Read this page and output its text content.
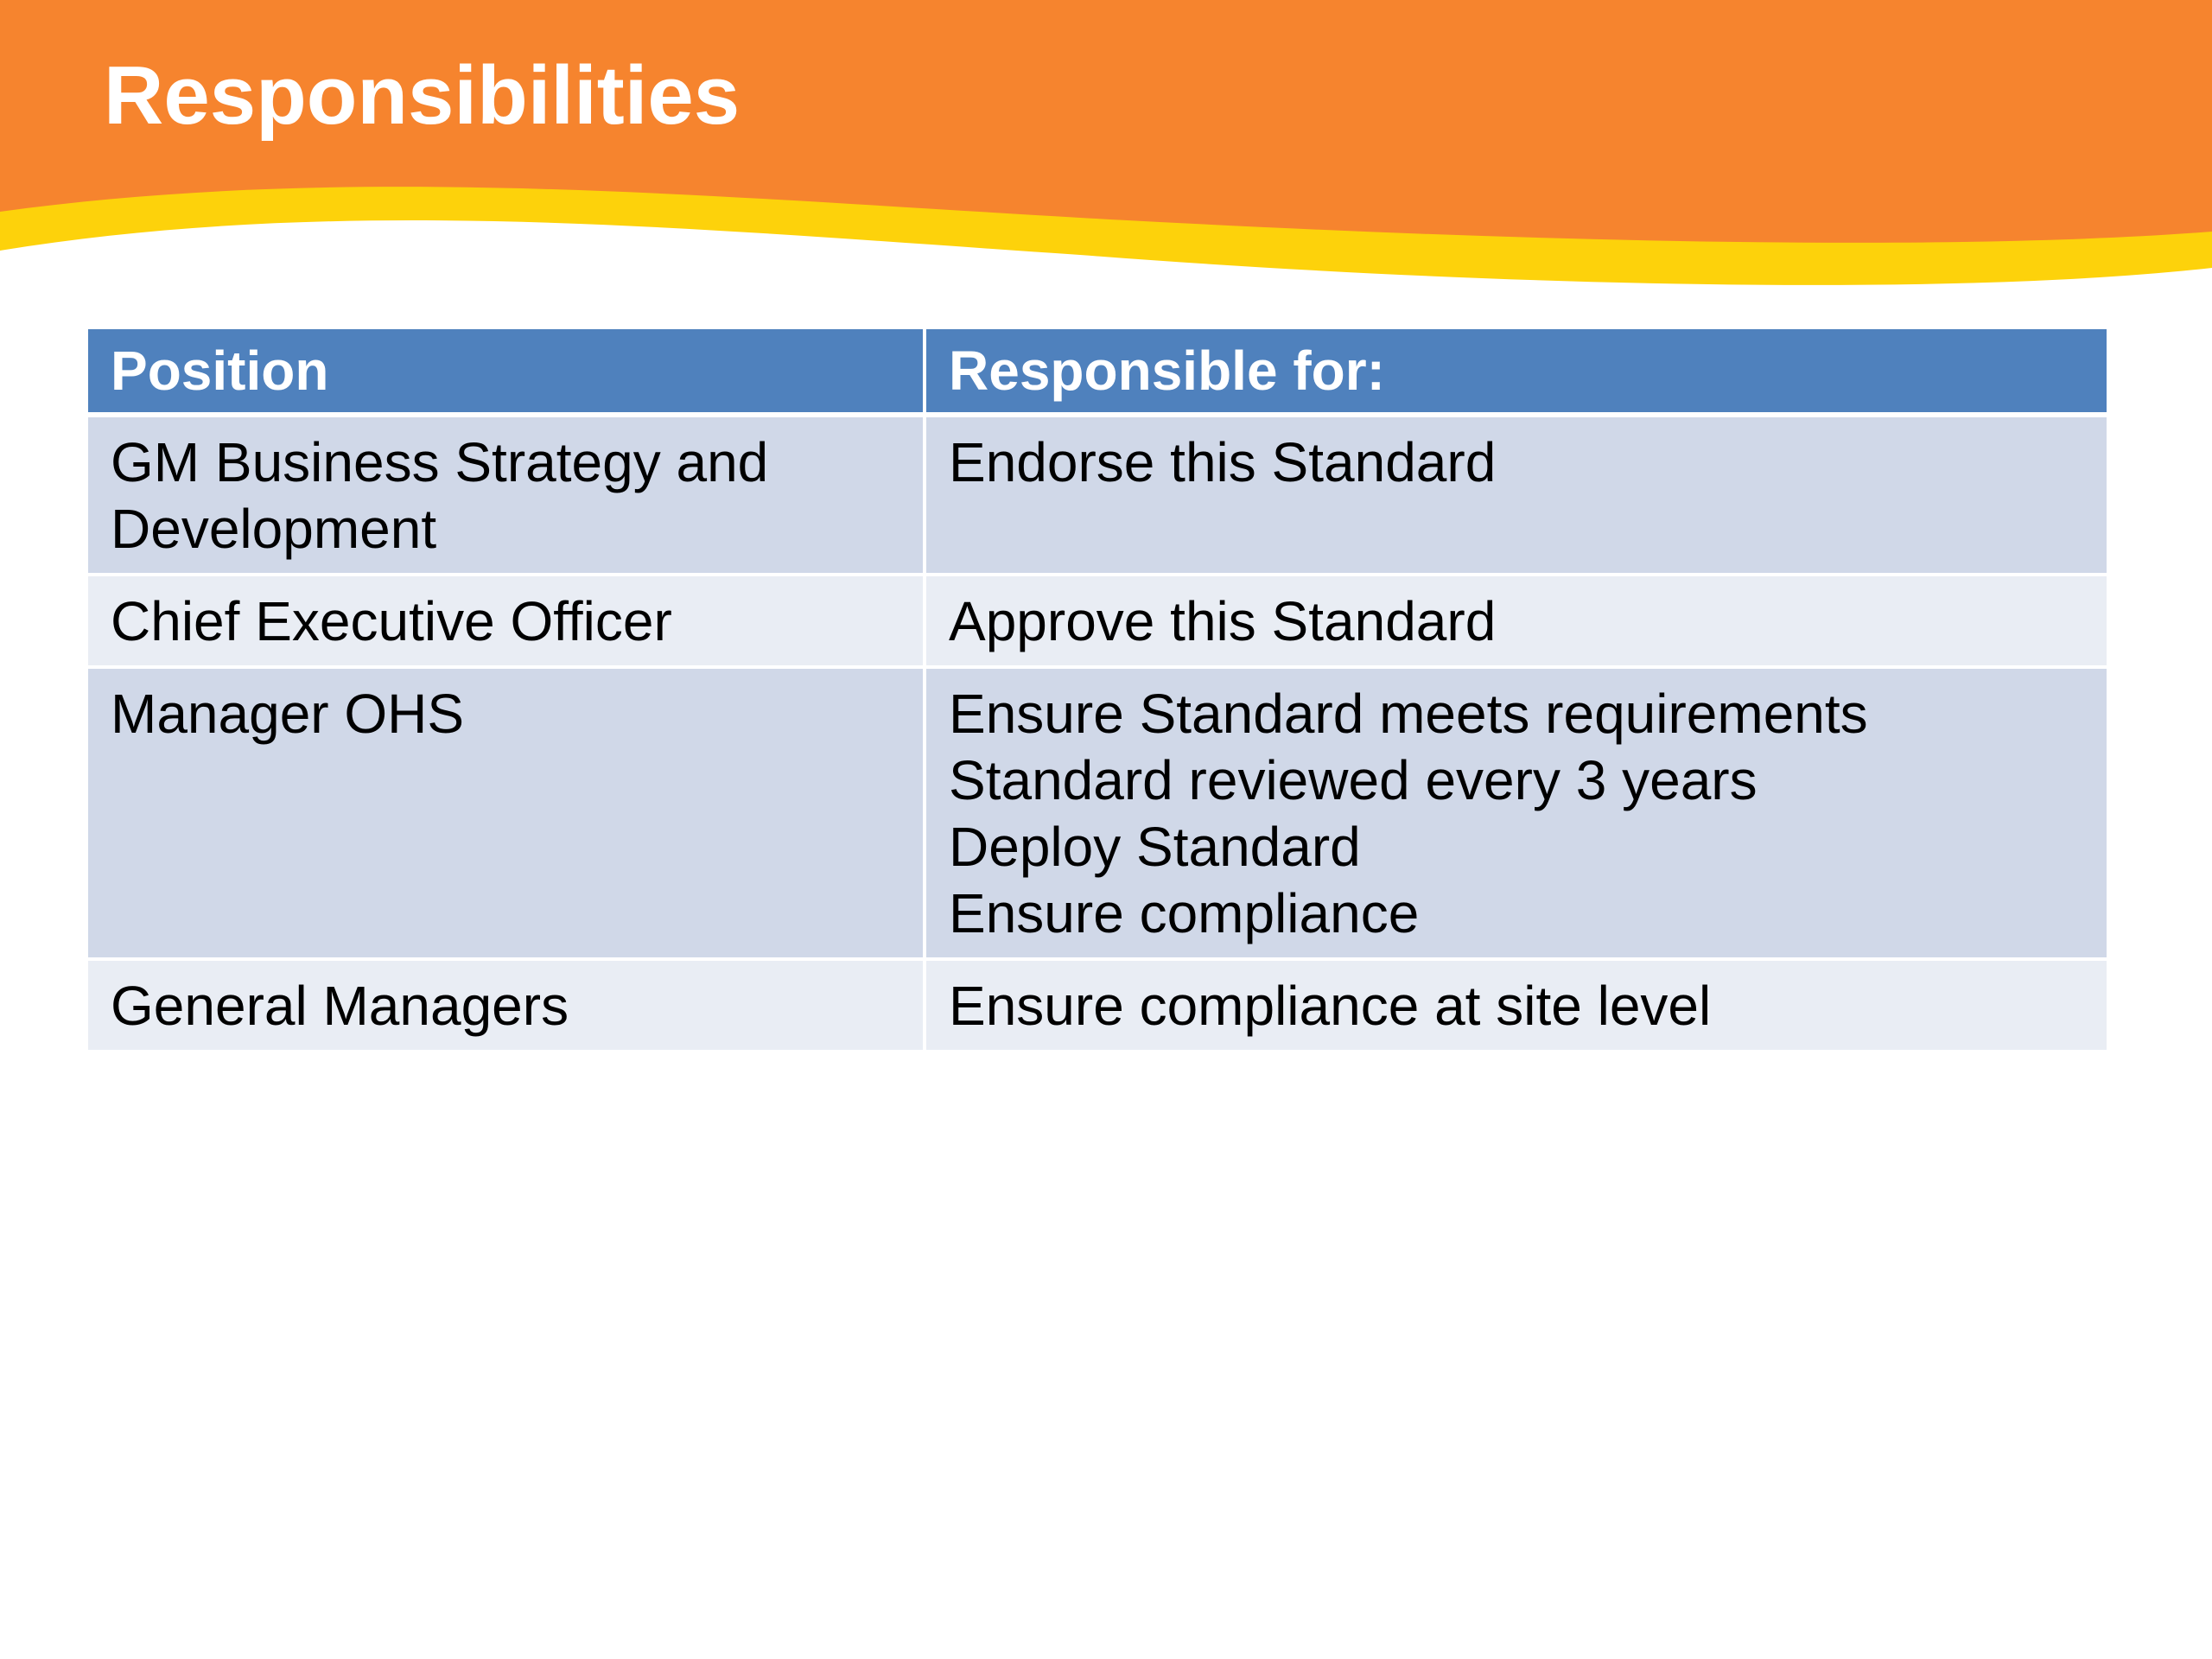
Responsibilities
Position	Responsible for:

GM Business Strategy and
Development	Endorse this Standard

Chief Executive Officer	Approve this Standard

Manager OHS	Ensure Standard meets requirements
Standard reviewed every 3 years
Deploy Standard
Ensure compliance

General Managers	Ensure compliance at site level
